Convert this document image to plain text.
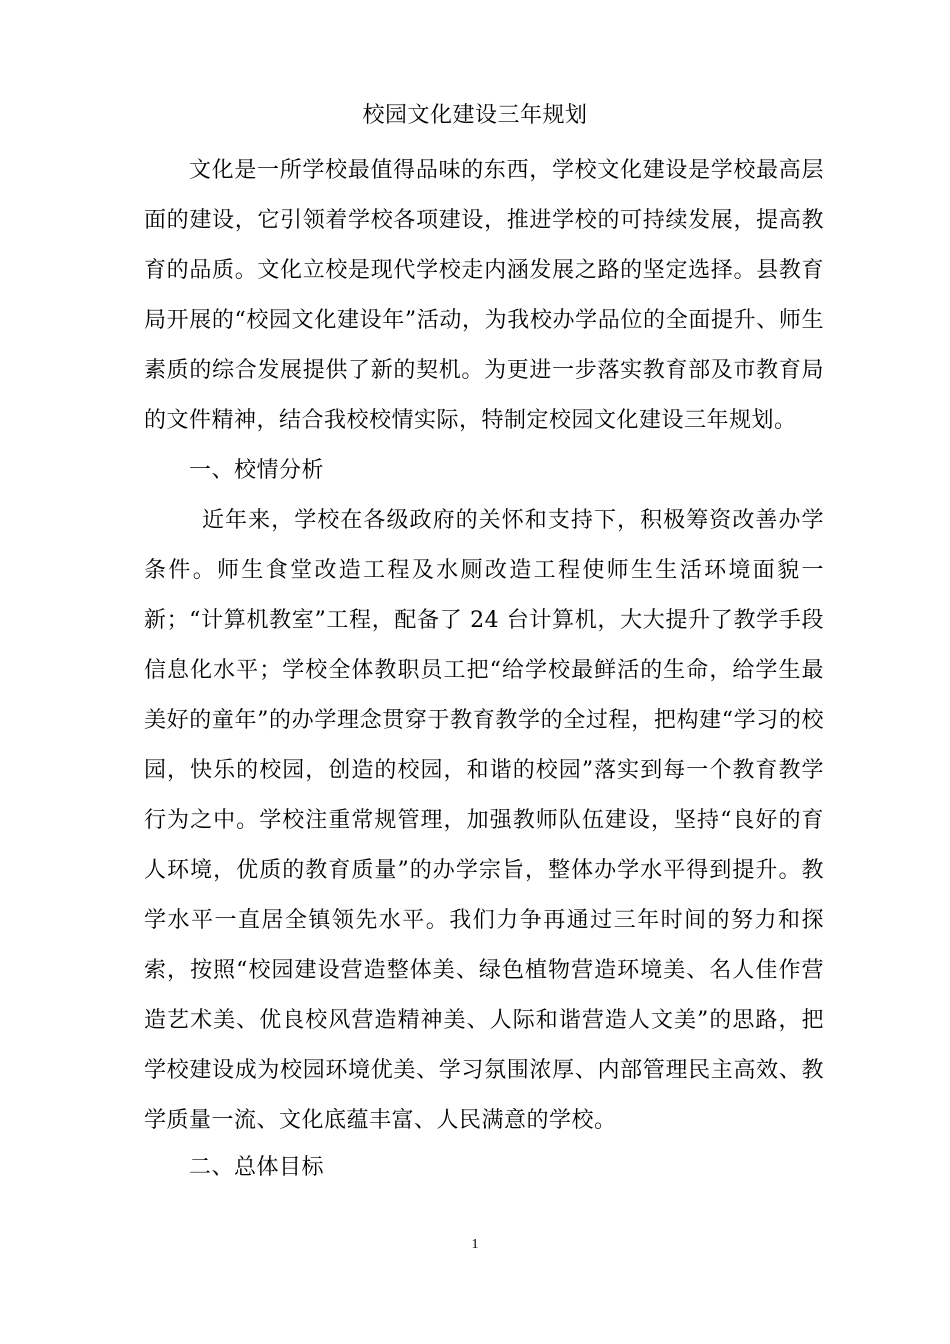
校园文化建设三年规划
文化是一所学校最值得品味的东西，学校文化建设是学校最高层面的建设，它引领着学校各项建设，推进学校的可持续发展，提高教育的品质。文化立校是现代学校走内涵发展之路的坚定选择。县教育局开展的“校园文化建设年”活动，为我校办学品位的全面提升、师生素质的综合发展提供了新的契机。为更进一步落实教育部及市教育局的文件精神，结合我校校情实际，特制定校园文化建设三年规划。
一、校情分析
近年来，学校在各级政府的关怀和支持下，积极筹资改善办学条件。师生食堂改造工程及水厕改造工程使师生生活环境面貌一新；“计算机教室”工程，配备了 24 台计算机，大大提升了教学手段信息化水平；学校全体教职员工把“给学校最鲜活的生命，给学生最美好的童年”的办学理念贯穿于教育教学的全过程，把构建“学习的校园，快乐的校园，创造的校园，和谐的校园”落实到每一个教育教学行为之中。学校注重常规管理，加强教师队伍建设，坚持“良好的育人环境，优质的教育质量”的办学宗旨，整体办学水平得到提升。教学水平一直居全镇领先水平。我们力争再通过三年时间的努力和探索，按照“校园建设营造整体美、绿色植物营造环境美、名人佳作营造艺术美、优良校风营造精神美、人际和谐营造人文美”的思路，把学校建设成为校园环境优美、学习氛围浓厚、内部管理民主高效、教学质量一流、文化底蕴丰富、人民满意的学校。
二、总体目标
1
